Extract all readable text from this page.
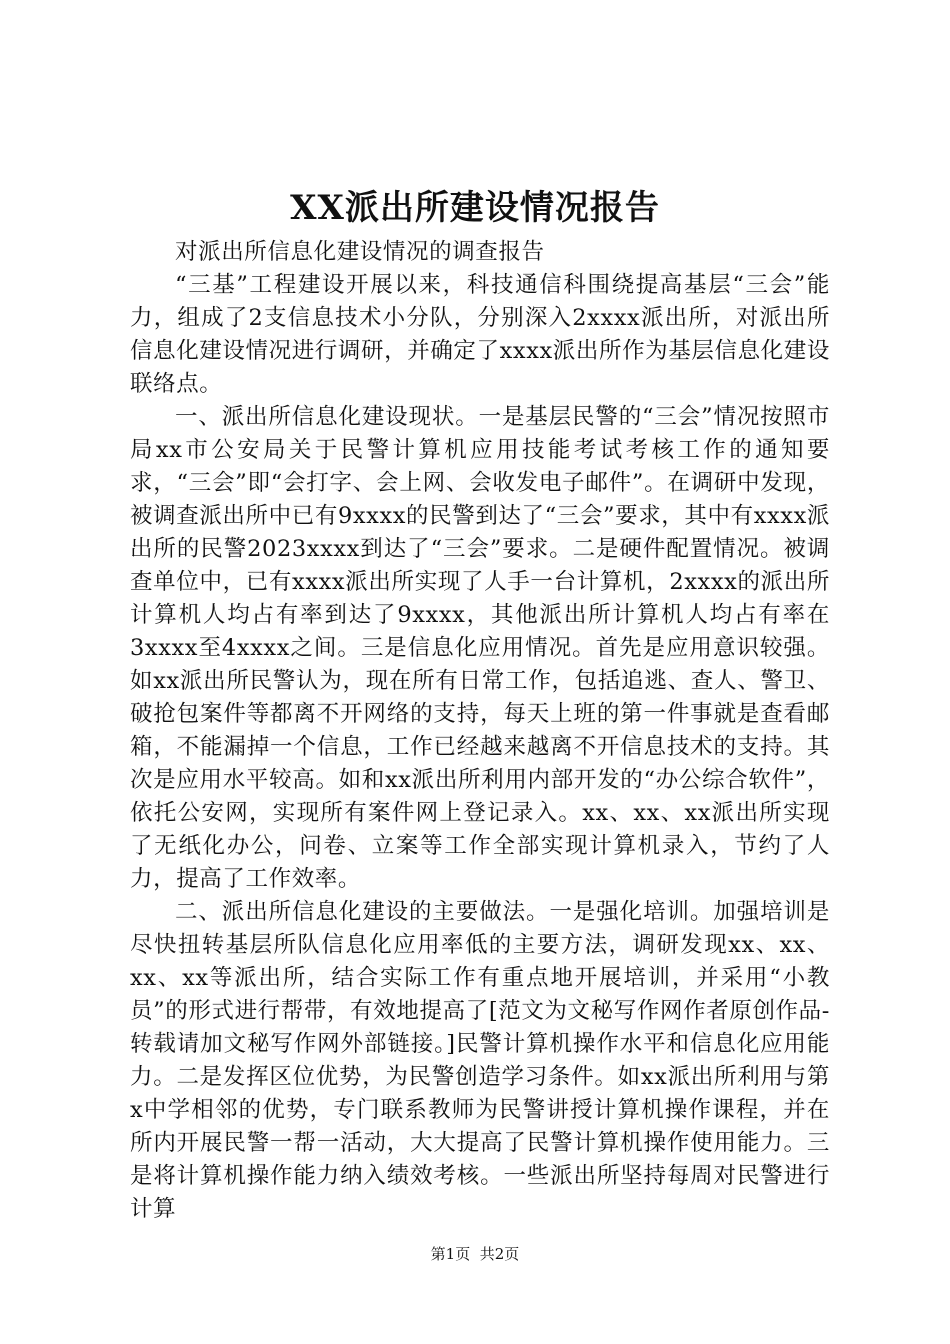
XX派出所建设情况报告

对派出所信息化建设情况的调查报告

“三基”工程建设开展以来，科技通信科围绕提高基层“三会”能力，组成了2支信息技术小分队，分别深入2xxxx派出所，对派出所信息化建设情况进行调研，并确定了xxxx派出所作为基层信息化建设联络点。

一、派出所信息化建设现状。一是基层民警的“三会”情况按照市局xx市公安局关于民警计算机应用技能考试考核工作的通知要求，“三会”即“会打字、会上网、会收发电子邮件”。在调研中发现，被调查派出所中已有9xxxx的民警到达了“三会”要求，其中有xxxx派出所的民警2023xxxx到达了“三会”要求。二是硬件配置情况。被调查单位中，已有xxxx派出所实现了人手一台计算机，2xxxx的派出所计算机人均占有率到达了9xxxx，其他派出所计算机人均占有率在3xxxx至4xxxx之间。三是信息化应用情况。首先是应用意识较强。如xx派出所民警认为，现在所有日常工作，包括追逃、查人、警卫、破抢包案件等都离不开网络的支持，每天上班的第一件事就是查看邮箱，不能漏掉一个信息，工作已经越来越离不开信息技术的支持。其次是应用水平较高。如和xx派出所利用内部开发的“办公综合软件”，依托公安网，实现所有案件网上登记录入。xx、xx、xx派出所实现了无纸化办公，问卷、立案等工作全部实现计算机录入，节约了人力，提高了工作效率。

二、派出所信息化建设的主要做法。一是强化培训。加强培训是尽快扭转基层所队信息化应用率低的主要方法，调研发现xx、xx、xx、xx等派出所，结合实际工作有重点地开展培训，并采用“小教员”的形式进行帮带，有效地提高了[范文为文秘写作网作者原创作品-转载请加文秘写作网外部链接。]民警计算机操作水平和信息化应用能力。二是发挥区位优势，为民警创造学习条件。如xx派出所利用与第x中学相邻的优势，专门联系教师为民警讲授计算机操作课程，并在所内开展民警一帮一活动，大大提高了民警计算机操作使用能力。三是将计算机操作能力纳入绩效考核。一些派出所坚持每周对民警进行计算

第1页 共2页
